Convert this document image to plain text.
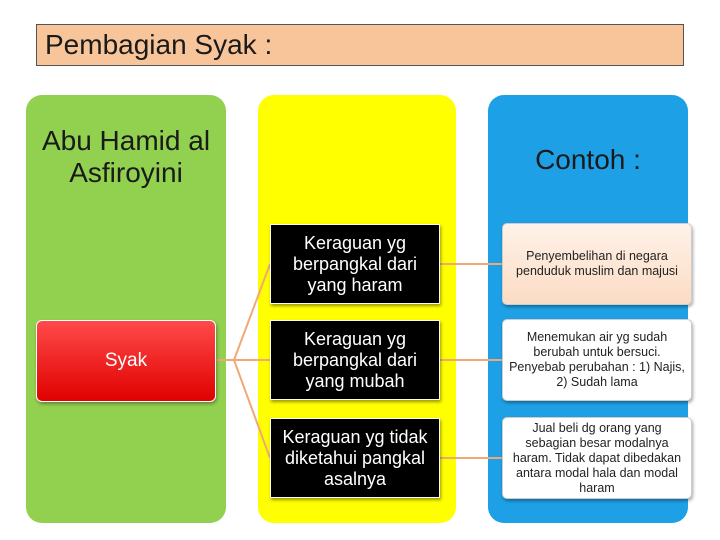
Pembagian Syak :
Abu Hamid al Asfiroyini	Contoh :
Syak
Keraguan yg berpangkal dari yang haram
Keraguan yg berpangkal dari yang mubah
Keraguan yg tidak diketahui pangkal asalnya
Penyembelihan di negara penduduk muslim dan majusi
Menemukan air yg sudah berubah untuk bersuci. Penyebab perubahan : 1) Najis, 2) Sudah lama
Jual beli dg orang yang sebagian besar modalnya haram. Tidak dapat dibedakan antara modal hala dan modal haram
